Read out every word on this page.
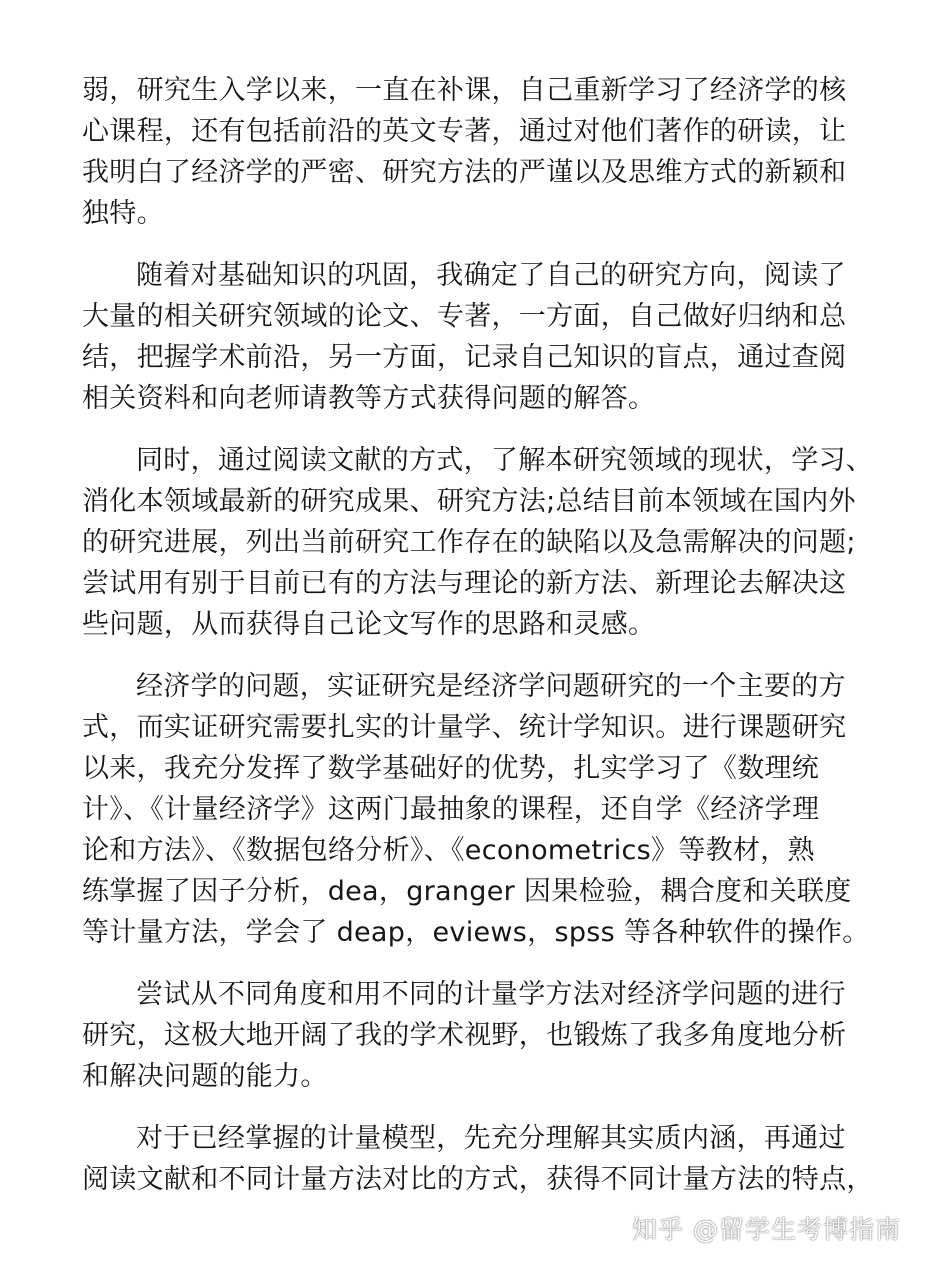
弱，研究生入学以来，一直在补课，自己重新学习了经济学的核
心课程，还有包括前沿的英文专著，通过对他们著作的研读，让
我明白了经济学的严密、研究方法的严谨以及思维方式的新颖和
独特。
随着对基础知识的巩固，我确定了自己的研究方向，阅读了
大量的相关研究领域的论文、专著，一方面，自己做好归纳和总
结，把握学术前沿，另一方面，记录自己知识的盲点，通过查阅
相关资料和向老师请教等方式获得问题的解答。
同时，通过阅读文献的方式，了解本研究领域的现状，学习、
消化本领域最新的研究成果、研究方法;总结目前本领域在国内外
的研究进展，列出当前研究工作存在的缺陷以及急需解决的问题;
尝试用有别于目前已有的方法与理论的新方法、新理论去解决这
些问题，从而获得自己论文写作的思路和灵感。
经济学的问题，实证研究是经济学问题研究的一个主要的方
式，而实证研究需要扎实的计量学、统计学知识。进行课题研究
以来，我充分发挥了数学基础好的优势，扎实学习了《数理统
计》、《计量经济学》这两门最抽象的课程，还自学《经济学理
论和方法》、《数据包络分析》、《econometrics》等教材，熟
练掌握了因子分析，dea，granger 因果检验，耦合度和关联度
等计量方法，学会了 deap，eviews，spss 等各种软件的操作。
尝试从不同角度和用不同的计量学方法对经济学问题的进行
研究，这极大地开阔了我的学术视野，也锻炼了我多角度地分析
和解决问题的能力。
对于已经掌握的计量模型，先充分理解其实质内涵，再通过
阅读文献和不同计量方法对比的方式，获得不同计量方法的特点，
知乎 @留学生考博指南
